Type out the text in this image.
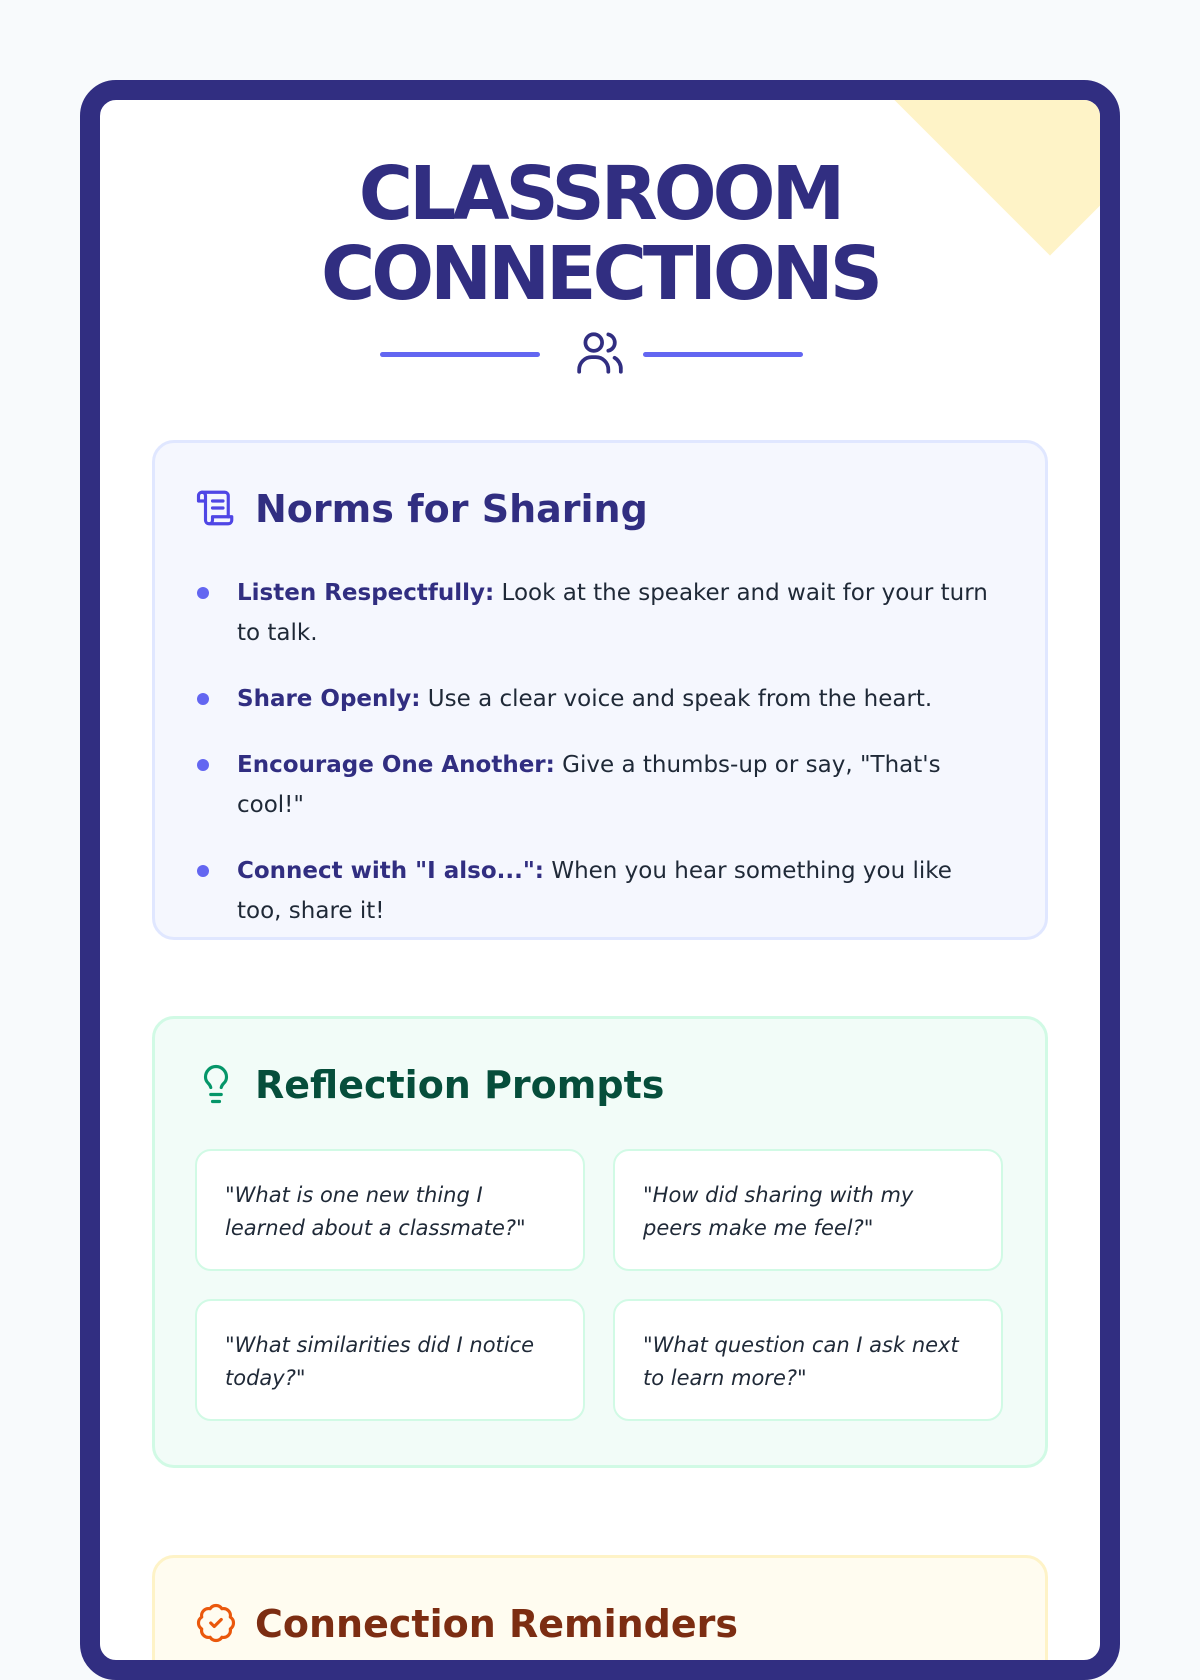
CLASSROOM
CONNECTIONS
Norms for Sharing
Listen Respectfully: Look at the speaker and wait for your turn to talk.
Share Openly: Use a clear voice and speak from the heart.
Encourage One Another: Give a thumbs-up or say, "That's cool!"
Connect with "I also...": When you hear something you like too, share it!
Reflection Prompts
"What is one new thing I learned about a classmate?"
"How did sharing with my peers make me feel?"
"What similarities did I notice today?"
"What question can I ask next to learn more?"
Connection Reminders
